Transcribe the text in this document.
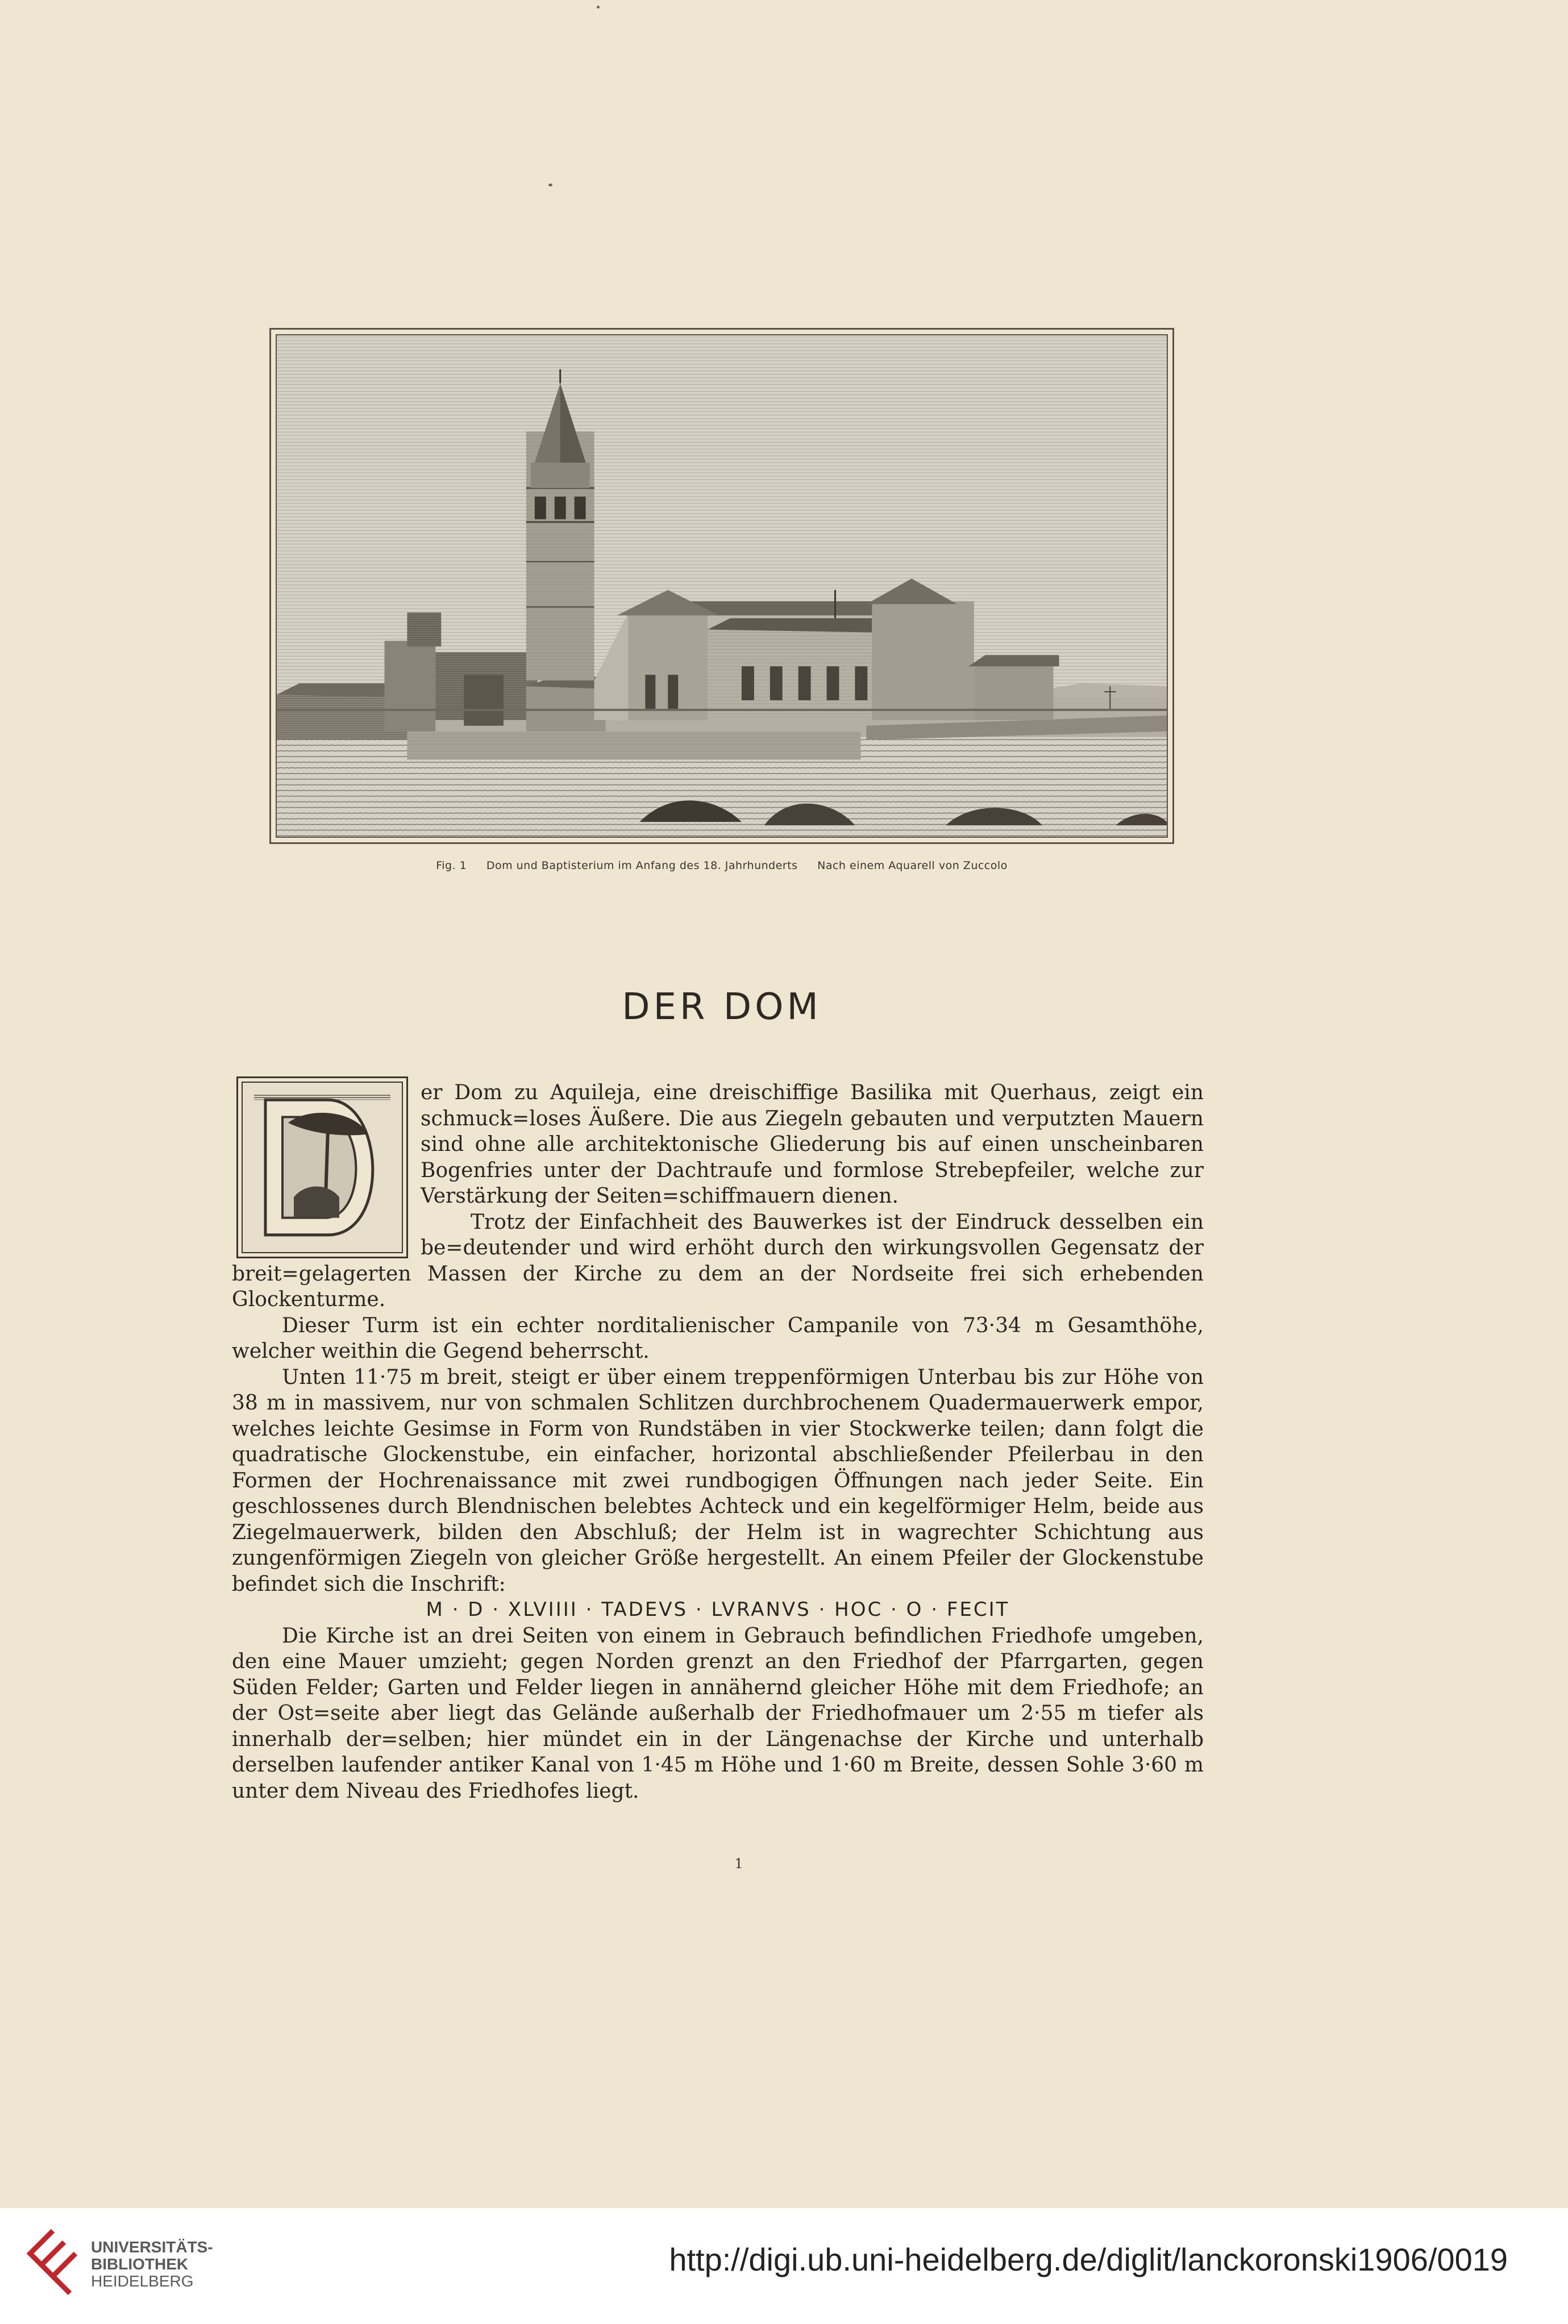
Fig. 1 Dom und Baptisterium im Anfang des 18. Jahrhunderts Nach einem Aquarell von Zuccolo
DER DOM

er Dom zu Aquileja, eine dreischiffige Basilika mit Querhaus, zeigt ein schmuck=loses Äußere. Die aus Ziegeln gebauten und verputzten Mauern sind ohne alle architektonische Gliederung bis auf einen unscheinbaren Bogenfries unter der Dachtraufe und formlose Strebepfeiler, welche zur Verstärkung der Seiten=schiffmauern dienen.

Trotz der Einfachheit des Bauwerkes ist der Eindruck desselben ein be=deutender und wird erhöht durch den wirkungsvollen Gegensatz der breit=gelagerten Massen der Kirche zu dem an der Nordseite frei sich erhebenden Glockenturme.

Dieser Turm ist ein echter norditalienischer Campanile von 73·34 m Gesamthöhe, welcher weithin die Gegend beherrscht.

Unten 11·75 m breit, steigt er über einem treppenförmigen Unterbau bis zur Höhe von 38 m in massivem, nur von schmalen Schlitzen durchbrochenem Quadermauerwerk empor, welches leichte Gesimse in Form von Rundstäben in vier Stockwerke teilen; dann folgt die quadratische Glockenstube, ein einfacher, horizontal abschließender Pfeilerbau in den Formen der Hochrenaissance mit zwei rundbogigen Öffnungen nach jeder Seite. Ein geschlossenes durch Blendnischen belebtes Achteck und ein kegelförmiger Helm, beide aus Ziegelmauerwerk, bilden den Abschluß; der Helm ist in wagrechter Schichtung aus zungenförmigen Ziegeln von gleicher Größe hergestellt. An einem Pfeiler der Glockenstube befindet sich die Inschrift:

M · D · XLVIIII · TADEVS · LVRANVS · HOC · O · FECIT

Die Kirche ist an drei Seiten von einem in Gebrauch befindlichen Friedhofe umgeben, den eine Mauer umzieht; gegen Norden grenzt an den Friedhof der Pfarrgarten, gegen Süden Felder; Garten und Felder liegen in annähernd gleicher Höhe mit dem Friedhofe; an der Ost=seite aber liegt das Gelände außerhalb der Friedhofmauer um 2·55 m tiefer als innerhalb der=selben; hier mündet ein in der Längenachse der Kirche und unterhalb derselben laufender antiker Kanal von 1·45 m Höhe und 1·60 m Breite, dessen Sohle 3·60 m unter dem Niveau des Friedhofes liegt.

1
UNIVERSITÄTS-
BIBLIOTHEK
HEIDELBERG
http://digi.ub.uni-heidelberg.de/diglit/lanckoronski1906/0019
